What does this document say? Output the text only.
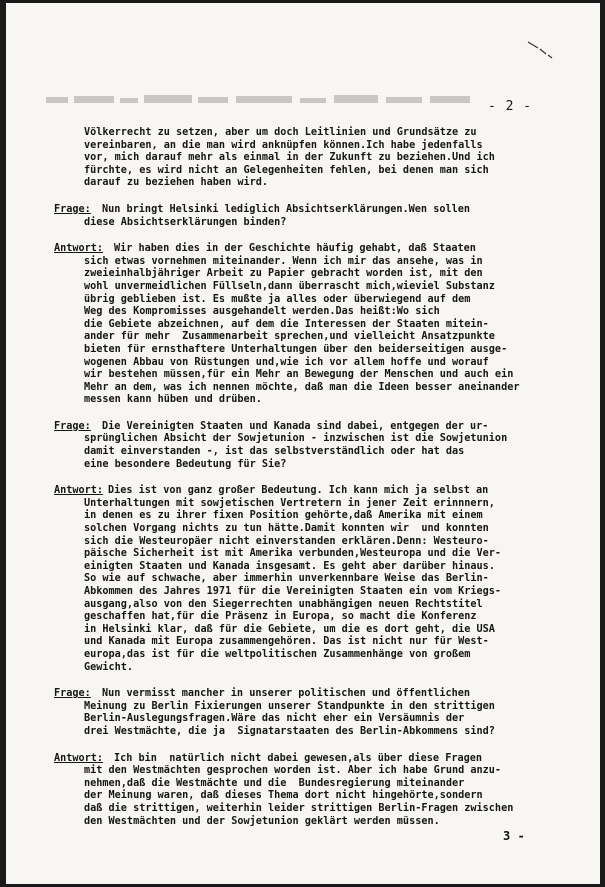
- 2 -
Völkerrecht zu setzen, aber um doch Leitlinien und Grundsätze zu
vereinbaren, an die man wird anknüpfen können.Ich habe jedenfalls
vor, mich darauf mehr als einmal in der Zukunft zu beziehen.Und ich
fürchte, es wird nicht an Gelegenheiten fehlen, bei denen man sich
darauf zu beziehen haben wird.
Frage:	Nun bringt Helsinki lediglich Absichtserklärungen.Wen sollen
diese Absichtserklärungen binden?
Antwort:	Wir haben dies in der Geschichte häufig gehabt, daß Staaten
sich etwas vornehmen miteinander. Wenn ich mir das ansehe, was in
zweieinhalbjähriger Arbeit zu Papier gebracht worden ist, mit den
wohl unvermeidlichen Füllseln,dann überrascht mich,wieviel Substanz
übrig geblieben ist. Es mußte ja alles oder überwiegend auf dem
Weg des Kompromisses ausgehandelt werden.Das heißt:Wo sich
die Gebiete abzeichnen, auf dem die Interessen der Staaten mitein-
ander für mehr  Zusammenarbeit sprechen,und vielleicht Ansatzpunkte
bieten für ernsthaftere Unterhaltungen über den beiderseitigen ausge-
wogenen Abbau von Rüstungen und,wie ich vor allem hoffe und worauf
wir bestehen müssen,für ein Mehr an Bewegung der Menschen und auch ein
Mehr an dem, was ich nennen möchte, daß man die Ideen besser aneinander
messen kann hüben und drüben.
Frage:	Die Vereinigten Staaten und Kanada sind dabei, entgegen der ur-
sprünglichen Absicht der Sowjetunion - inzwischen ist die Sowjetunion
damit einverstanden -, ist das selbstverständlich oder hat das
eine besondere Bedeutung für Sie?
Antwort: Dies ist von ganz großer Bedeutung. Ich kann mich ja selbst an
Unterhaltungen mit sowjetischen Vertretern in jener Zeit erinnnern,
in denen es zu ihrer fixen Position gehörte,daß Amerika mit einem
solchen Vorgang nichts zu tun hätte.Damit konnten wir  und konnten
sich die Westeuropäer nicht einverstanden erklären.Denn: Westeuro-
päische Sicherheit ist mit Amerika verbunden,Westeuropa und die Ver-
einigten Staaten und Kanada insgesamt. Es geht aber darüber hinaus.
So wie auf schwache, aber immerhin unverkennbare Weise das Berlin-
Abkommen des Jahres 1971 für die Vereinigten Staaten ein vom Kriegs-
ausgang,also von den Siegerrechten unabhängigen neuen Rechtstitel
geschaffen hat,für die Präsenz in Europa, so macht die Konferenz
in Helsinki klar, daß für die Gebiete, um die es dort geht, die USA
und Kanada mit Europa zusammengehören. Das ist nicht nur für West-
europa,das ist für die weltpolitischen Zusammenhänge von großem
Gewicht.
Frage:	Nun vermisst mancher in unserer politischen und öffentlichen
Meinung zu Berlin Fixierungen unserer Standpunkte in den strittigen
Berlin-Auslegungsfragen.Wäre das nicht eher ein Versäumnis der
drei Westmächte, die ja  Signatarstaaten des Berlin-Abkommens sind?
Antwort:	Ich bin  natürlich nicht dabei gewesen,als über diese Fragen
mit den Westmächten gesprochen worden ist. Aber ich habe Grund anzu-
nehmen,daß die Westmächte und die  Bundesregierung miteinander
der Meinung waren, daß dieses Thema dort nicht hingehörte,sondern
daß die strittigen, weiterhin leider strittigen Berlin-Fragen zwischen
den Westmächten und der Sowjetunion geklärt werden müssen.
3 -
